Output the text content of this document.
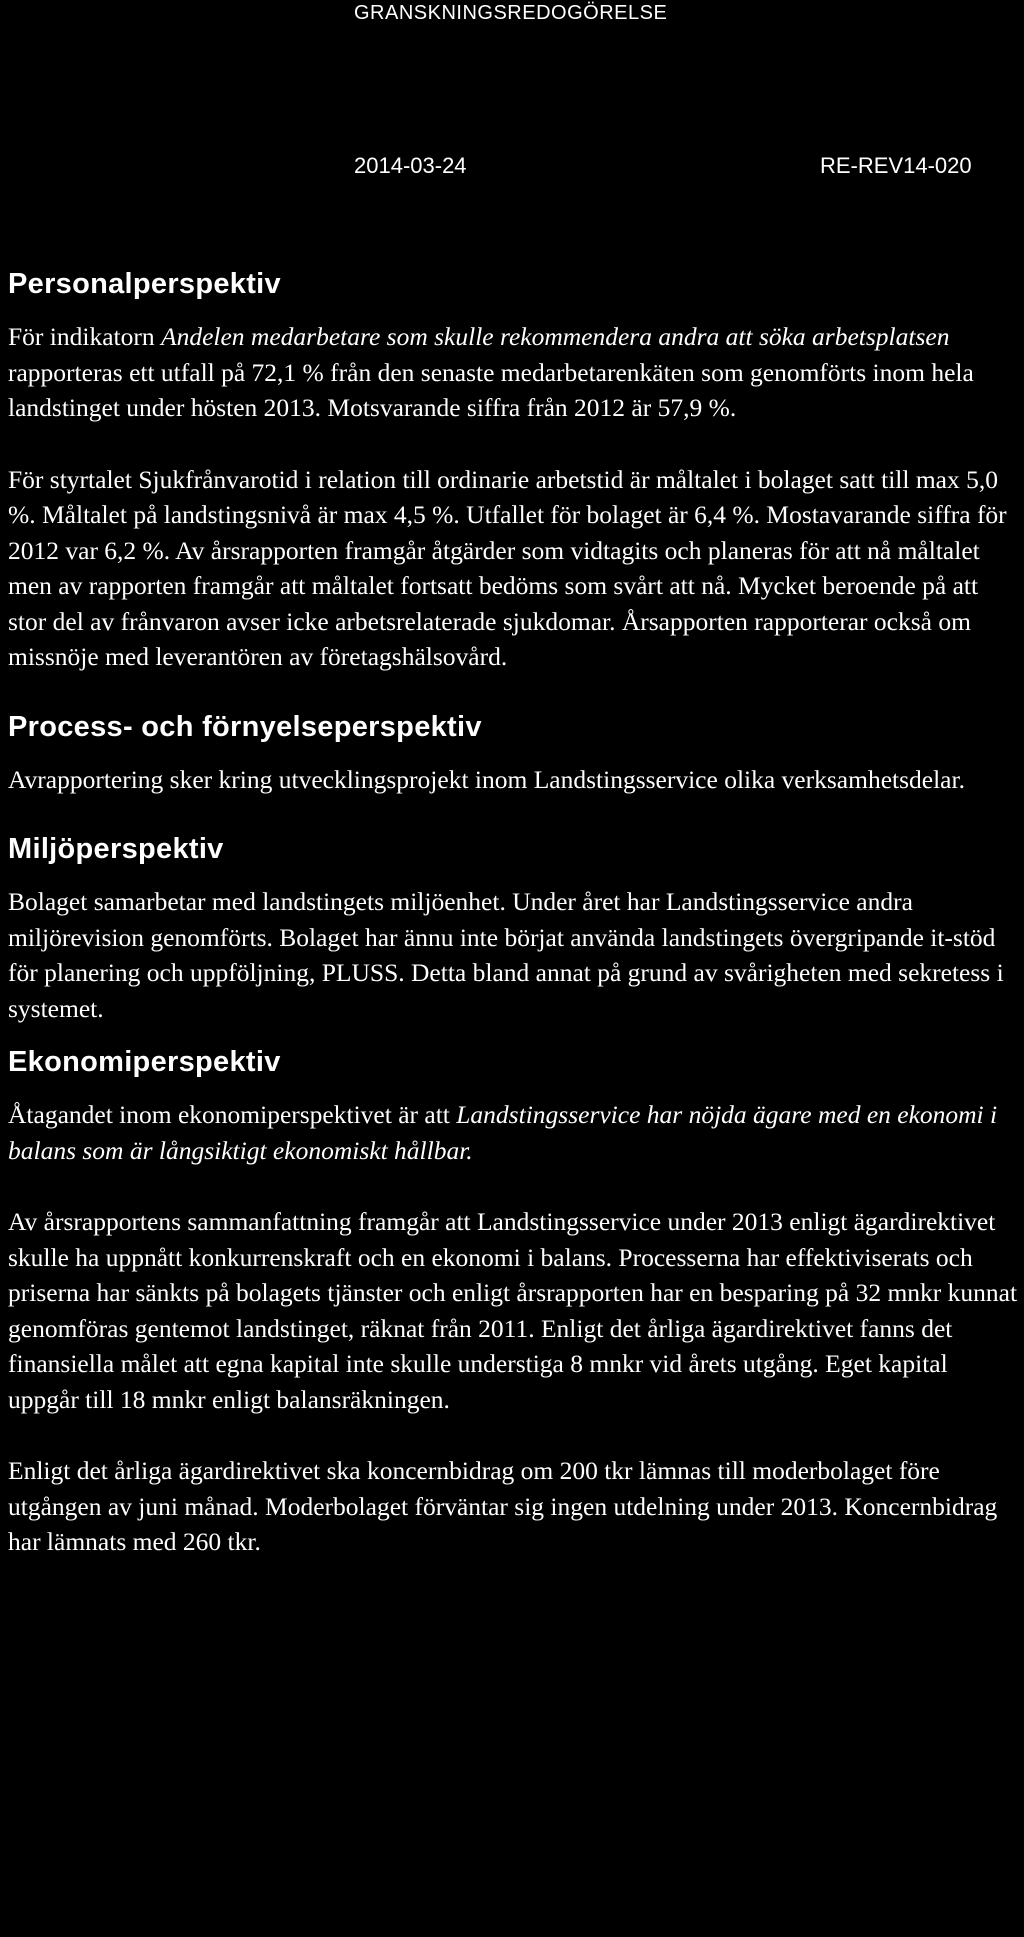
GRANSKNINGSREDOGÖRELSE
2014-03-24	RE-REV14-020
Personalperspektiv

För indikatorn Andelen medarbetare som skulle rekommendera andra att söka arbetsplatsen rapporteras ett utfall på 72,1 % från den senaste medarbetarenkäten som genomförts inom hela landstinget under hösten 2013. Motsvarande siffra från 2012 är 57,9 %.

För styrtalet Sjukfrånvarotid i relation till ordinarie arbetstid är måltalet i bolaget satt till max 5,0 %. Måltalet på landstingsnivå är max 4,5 %. Utfallet för bolaget är 6,4 %. Mostavarande siffra för 2012 var 6,2 %. Av årsrapporten framgår åtgärder som vidtagits och planeras för att nå måltalet men av rapporten framgår att måltalet fortsatt bedöms som svårt att nå. Mycket beroende på att stor del av frånvaron avser icke arbetsrelaterade sjukdomar. Årsapporten rapporterar också om missnöje med leverantören av företagshälsovård.

Process- och förnyelseperspektiv

Avrapportering sker kring utvecklingsprojekt inom Landstingsservice olika verksamhetsdelar.

Miljöperspektiv

Bolaget samarbetar med landstingets miljöenhet. Under året har Landstingsservice andra miljörevision genomförts. Bolaget har ännu inte börjat använda landstingets övergripande it-stöd för planering och uppföljning, PLUSS. Detta bland annat på grund av svårigheten med sekretess i systemet.

Ekonomiperspektiv

Åtagandet inom ekonomiperspektivet är att Landstingsservice har nöjda ägare med en ekonomi i balans som är långsiktigt ekonomiskt hållbar.

Av årsrapportens sammanfattning framgår att Landstingsservice under 2013 enligt ägardirektivet skulle ha uppnått konkurrenskraft och en ekonomi i balans. Processerna har effektiviserats och priserna har sänkts på bolagets tjänster och enligt årsrapporten har en besparing på 32 mnkr kunnat genomföras gentemot landstinget, räknat från 2011. Enligt det årliga ägardirektivet fanns det finansiella målet att egna kapital inte skulle understiga 8 mnkr vid årets utgång. Eget kapital uppgår till 18 mnkr enligt balansräkningen.

Enligt det årliga ägardirektivet ska koncernbidrag om 200 tkr lämnas till moderbolaget före utgången av juni månad. Moderbolaget förväntar sig ingen utdelning under 2013. Koncernbidrag har lämnats med 260 tkr.
